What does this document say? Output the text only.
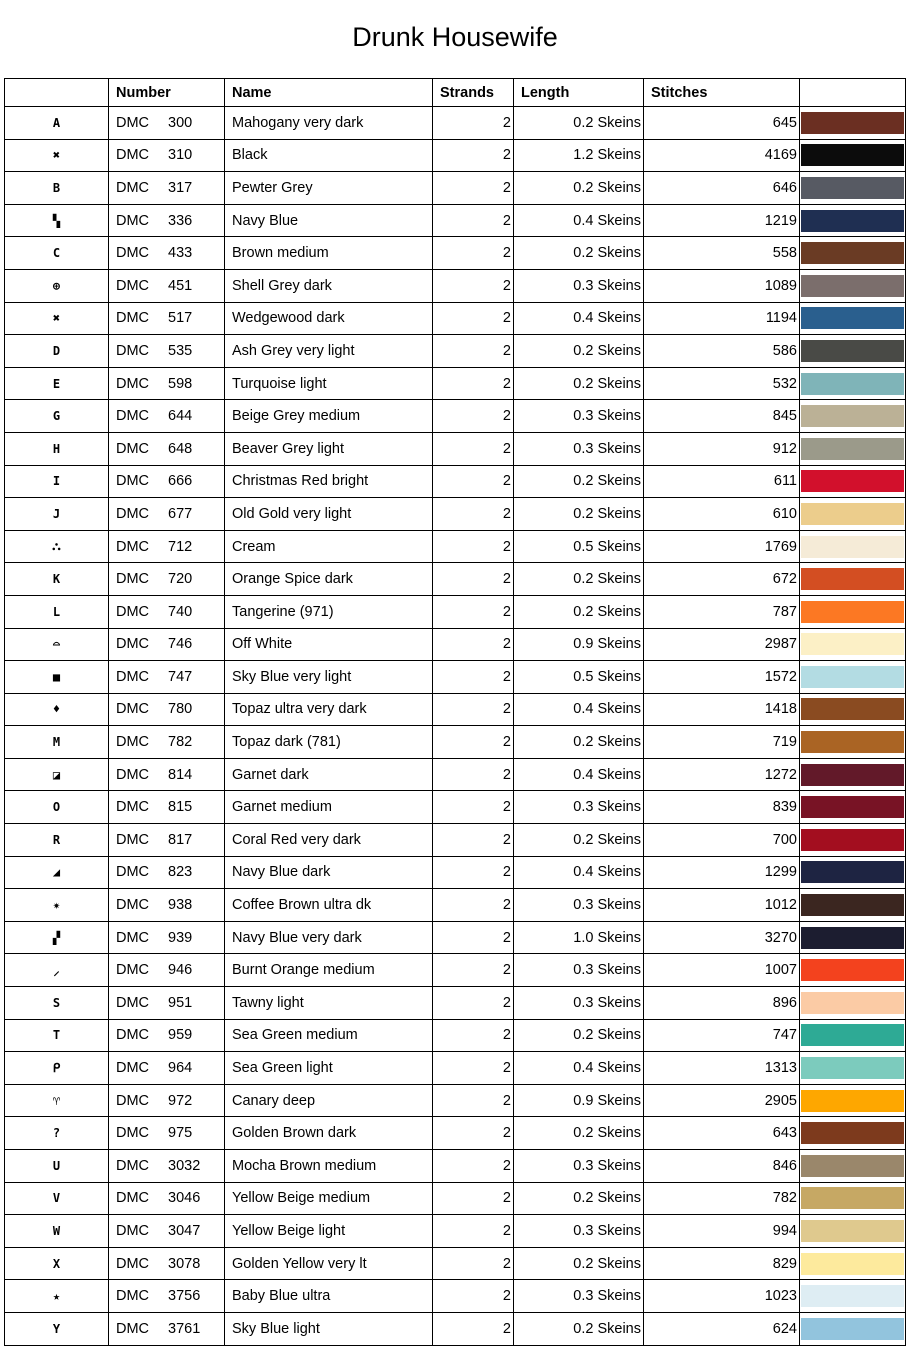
Drunk Housewife
	Number	Name	Strands	Length	Stitches	
A	DMC 300	Mahogany very dark	2	0.2 Skeins	645	

✖	DMC 310	Black	2	1.2 Skeins	4169	

B	DMC 317	Pewter Grey	2	0.2 Skeins	646	

▚	DMC 336	Navy Blue	2	0.4 Skeins	1219	

C	DMC 433	Brown medium	2	0.2 Skeins	558	

⊕	DMC 451	Shell Grey dark	2	0.3 Skeins	1089	

✖	DMC 517	Wedgewood dark	2	0.4 Skeins	1194	

D	DMC 535	Ash Grey very light	2	0.2 Skeins	586	

E	DMC 598	Turquoise light	2	0.2 Skeins	532	

G	DMC 644	Beige Grey medium	2	0.3 Skeins	845	

H	DMC 648	Beaver Grey light	2	0.3 Skeins	912	

I	DMC 666	Christmas Red bright	2	0.2 Skeins	611	

J	DMC 677	Old Gold very light	2	0.2 Skeins	610	

⛬	DMC 712	Cream	2	0.5 Skeins	1769	

K	DMC 720	Orange Spice dark	2	0.2 Skeins	672	

L	DMC 740	Tangerine (971)	2	0.2 Skeins	787	

⌓	DMC 746	Off White	2	0.9 Skeins	2987	

■	DMC 747	Sky Blue very light	2	0.5 Skeins	1572	

♦	DMC 780	Topaz ultra very dark	2	0.4 Skeins	1418	

M	DMC 782	Topaz dark (781)	2	0.2 Skeins	719	

◪	DMC 814	Garnet dark	2	0.4 Skeins	1272	

O	DMC 815	Garnet medium	2	0.3 Skeins	839	

R	DMC 817	Coral Red very dark	2	0.2 Skeins	700	

◢	DMC 823	Navy Blue dark	2	0.4 Skeins	1299	

✷	DMC 938	Coffee Brown ultra dk	2	0.3 Skeins	1012	

▞	DMC 939	Navy Blue very dark	2	1.0 Skeins	3270	

⸝	DMC 946	Burnt Orange medium	2	0.3 Skeins	1007	

S	DMC 951	Tawny light	2	0.3 Skeins	896	

T	DMC 959	Sea Green medium	2	0.2 Skeins	747	

ᑭ	DMC 964	Sea Green light	2	0.4 Skeins	1313	

♈	DMC 972	Canary deep	2	0.9 Skeins	2905	

?	DMC 975	Golden Brown dark	2	0.2 Skeins	643	

U	DMC 3032	Mocha Brown medium	2	0.3 Skeins	846	

V	DMC 3046	Yellow Beige medium	2	0.2 Skeins	782	

W	DMC 3047	Yellow Beige light	2	0.3 Skeins	994	

X	DMC 3078	Golden Yellow very lt	2	0.2 Skeins	829	

★	DMC 3756	Baby Blue ultra	2	0.3 Skeins	1023	

Y	DMC 3761	Sky Blue light	2	0.2 Skeins	624	
